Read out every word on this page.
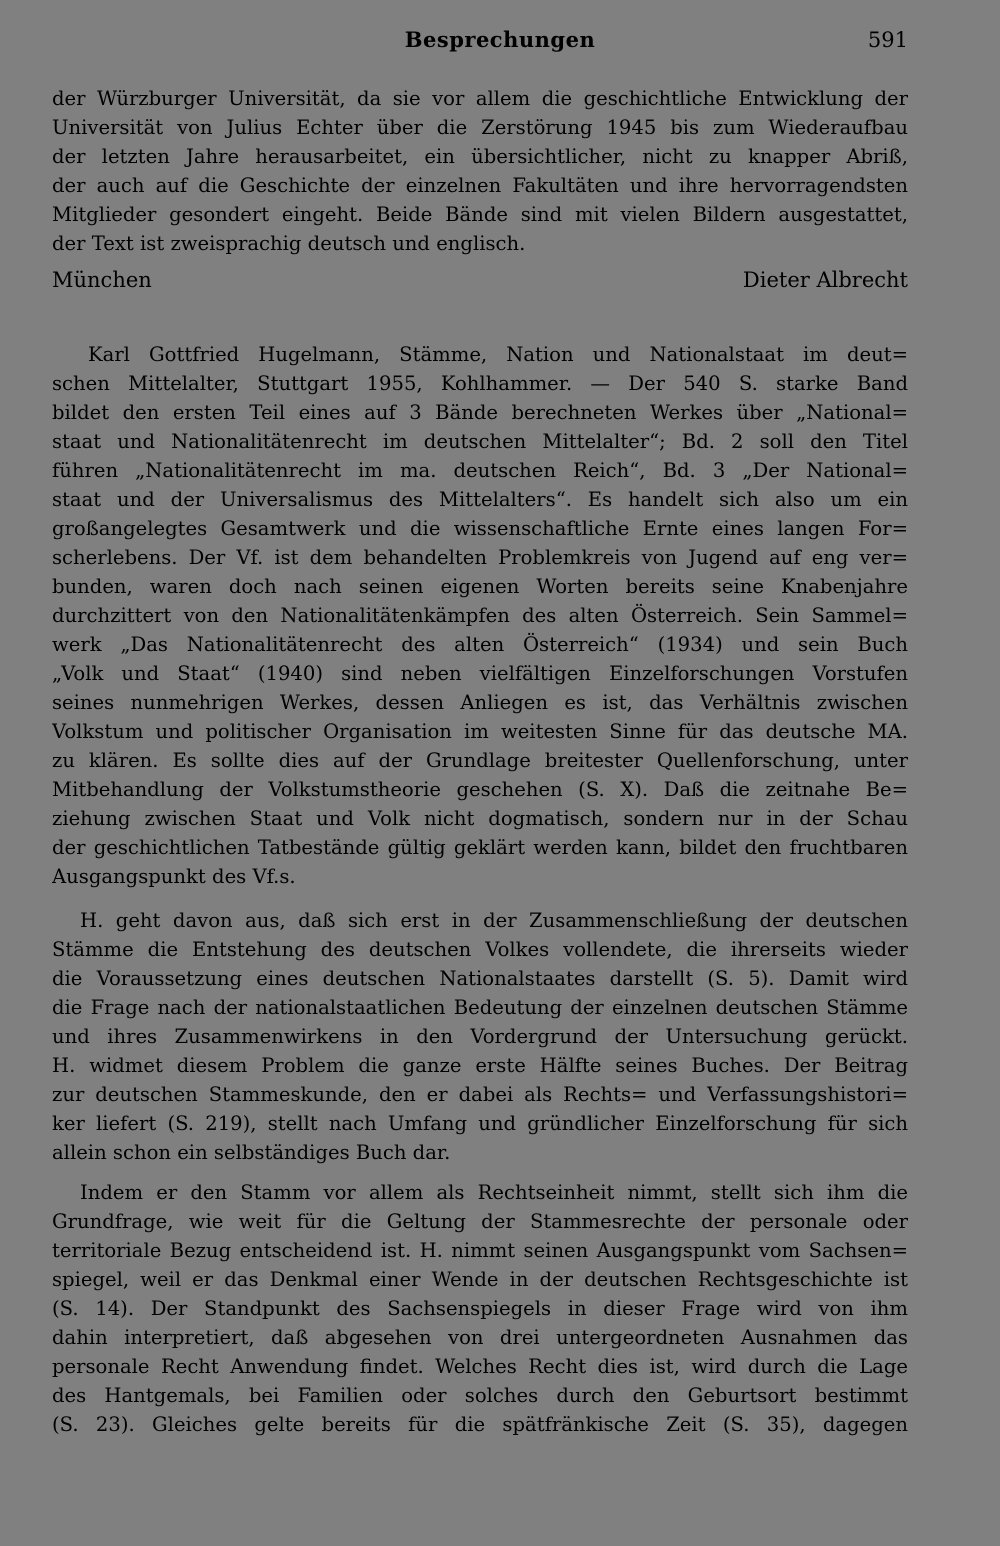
Besprechungen	591
der Würzburger Universität, da sie vor allem die geschichtliche Entwicklung der
Universität von Julius Echter über die Zerstörung 1945 bis zum Wiederaufbau
der letzten Jahre herausarbeitet, ein übersichtlicher, nicht zu knapper Abriß,
der auch auf die Geschichte der einzelnen Fakultäten und ihre hervorragendsten
Mitglieder gesondert eingeht. Beide Bände sind mit vielen Bildern ausgestattet,
der Text ist zweisprachig deutsch und englisch.
München	Dieter Albrecht
Karl Gottfried Hugelmann, Stämme, Nation und Nationalstaat im deut=
schen Mittelalter, Stuttgart 1955, Kohlhammer. — Der 540 S. starke Band
bildet den ersten Teil eines auf 3 Bände berechneten Werkes über „National=
staat und Nationalitätenrecht im deutschen Mittelalter“; Bd. 2 soll den Titel
führen „Nationalitätenrecht im ma. deutschen Reich“, Bd. 3 „Der National=
staat und der Universalismus des Mittelalters“. Es handelt sich also um ein
großangelegtes Gesamtwerk und die wissenschaftliche Ernte eines langen For=
scherlebens. Der Vf. ist dem behandelten Problemkreis von Jugend auf eng ver=
bunden, waren doch nach seinen eigenen Worten bereits seine Knabenjahre
durchzittert von den Nationalitätenkämpfen des alten Österreich. Sein Sammel=
werk „Das Nationalitätenrecht des alten Österreich“ (1934) und sein Buch
„Volk und Staat“ (1940) sind neben vielfältigen Einzelforschungen Vorstufen
seines nunmehrigen Werkes, dessen Anliegen es ist, das Verhältnis zwischen
Volkstum und politischer Organisation im weitesten Sinne für das deutsche MA.
zu klären. Es sollte dies auf der Grundlage breitester Quellenforschung, unter
Mitbehandlung der Volkstumstheorie geschehen (S. X). Daß die zeitnahe Be=
ziehung zwischen Staat und Volk nicht dogmatisch, sondern nur in der Schau
der geschichtlichen Tatbestände gültig geklärt werden kann, bildet den fruchtbaren
Ausgangspunkt des Vf.s.
H. geht davon aus, daß sich erst in der Zusammenschließung der deutschen
Stämme die Entstehung des deutschen Volkes vollendete, die ihrerseits wieder
die Voraussetzung eines deutschen Nationalstaates darstellt (S. 5). Damit wird
die Frage nach der nationalstaatlichen Bedeutung der einzelnen deutschen Stämme
und ihres Zusammenwirkens in den Vordergrund der Untersuchung gerückt.
H. widmet diesem Problem die ganze erste Hälfte seines Buches. Der Beitrag
zur deutschen Stammeskunde, den er dabei als Rechts= und Verfassungshistori=
ker liefert (S. 219), stellt nach Umfang und gründlicher Einzelforschung für sich
allein schon ein selbständiges Buch dar.
Indem er den Stamm vor allem als Rechtseinheit nimmt, stellt sich ihm die
Grundfrage, wie weit für die Geltung der Stammesrechte der personale oder
territoriale Bezug entscheidend ist. H. nimmt seinen Ausgangspunkt vom Sachsen=
spiegel, weil er das Denkmal einer Wende in der deutschen Rechtsgeschichte ist
(S. 14). Der Standpunkt des Sachsenspiegels in dieser Frage wird von ihm
dahin interpretiert, daß abgesehen von drei untergeordneten Ausnahmen das
personale Recht Anwendung findet. Welches Recht dies ist, wird durch die Lage
des Hantgemals, bei Familien oder solches durch den Geburtsort bestimmt
(S. 23). Gleiches gelte bereits für die spätfränkische Zeit (S. 35), dagegen
